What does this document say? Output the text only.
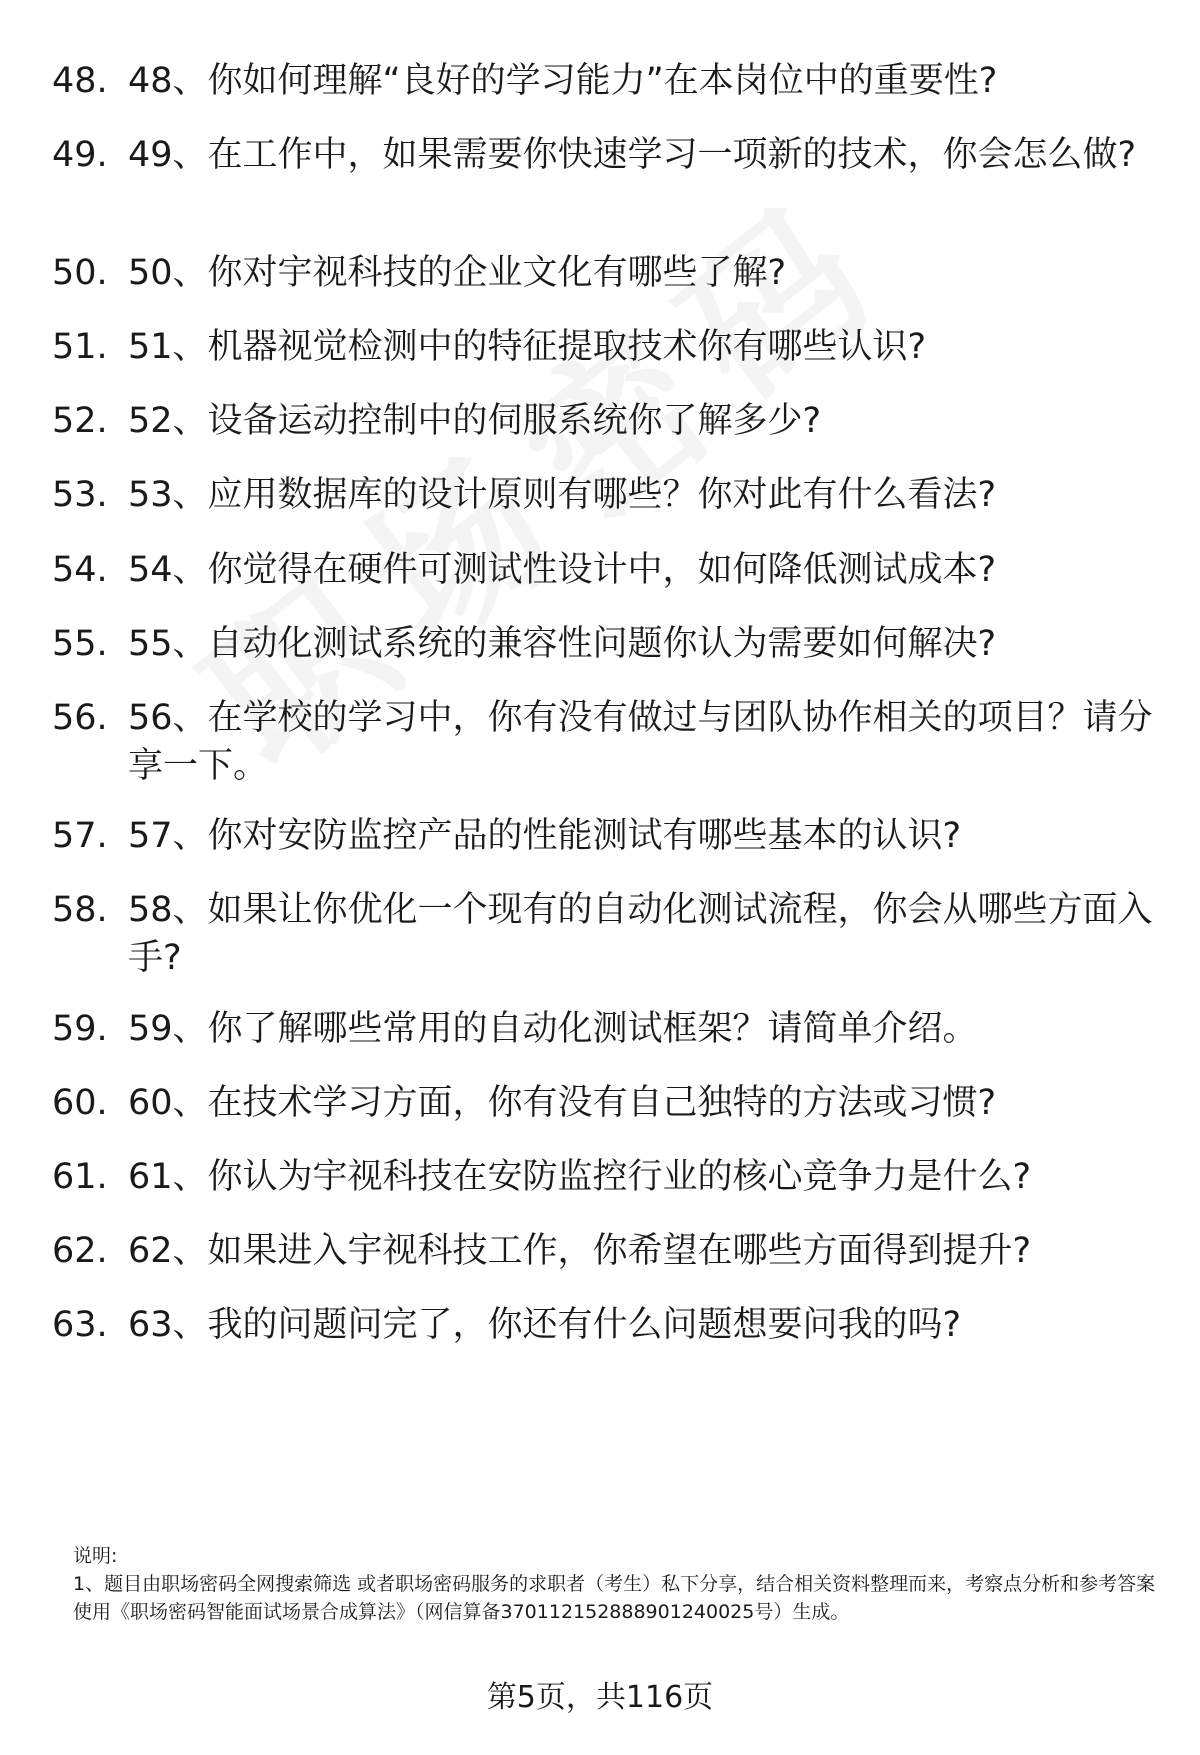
48. 48、你如何理解“良好的学习能力”在本岗位中的重要性?
49. 49、在工作中，如果需要你快速学习一项新的技术，你会怎么做?
50. 50、你对宇视科技的企业文化有哪些了解?
51. 51、机器视觉检测中的特征提取技术你有哪些认识?
52. 52、设备运动控制中的伺服系统你了解多少?
53. 53、应用数据库的设计原则有哪些？你对此有什么看法?
54. 54、你觉得在硬件可测试性设计中，如何降低测试成本?
55. 55、自动化测试系统的兼容性问题你认为需要如何解决?
56. 56、在学校的学习中，你有没有做过与团队协作相关的项目？请分享一下。
57. 57、你对安防监控产品的性能测试有哪些基本的认识?
58. 58、如果让你优化一个现有的自动化测试流程，你会从哪些方面入手?
59. 59、你了解哪些常用的自动化测试框架？请简单介绍。
60. 60、在技术学习方面，你有没有自己独特的方法或习惯?
61. 61、你认为宇视科技在安防监控行业的核心竞争力是什么?
62. 62、如果进入宇视科技工作，你希望在哪些方面得到提升?
63. 63、我的问题问完了，你还有什么问题想要问我的吗?
说明:
1、题目由职场密码全网搜索筛选 或者职场密码服务的求职者（考生）私下分享，结合相关资料整理而来，考察点分析和参考答案使用《职场密码智能面试场景合成算法》（网信算备370112152888901240025号）生成。
第5页，共116页
